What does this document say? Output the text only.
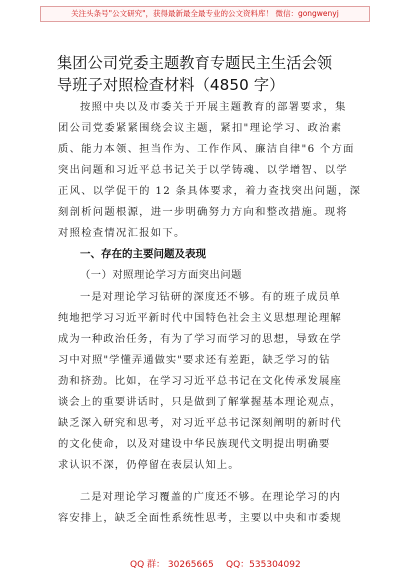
关注头条号"公文研究"，获得最新最全最专业的公文资料库！ 微信：gongwenyj
集团公司党委主题教育专题民主生活会领
导班子对照检查材料（4850 字）
按照中央以及市委关于开展主题教育的部署要求，集
团公司党委紧紧围绕会议主题，紧扣"理论学习、政治素
质、能力本领、担当作为、工作作风、廉洁自律"6 个方面
突出问题和习近平总书记关于以学铸魂、以学增智、以学
正风、以学促干的 12 条具体要求，着力查找突出问题，深
刻剖析问题根源，进一步明确努力方向和整改措施。现将
对照检查情况汇报如下。
一、存在的主要问题及表现
（一）对照理论学习方面突出问题
一是对理论学习钻研的深度还不够。有的班子成员单
纯地把学习习近平新时代中国特色社会主义思想理论理解
成为一种政治任务，有为了学习而学习的思想，导致在学
习中对照"学懂弄通做实"要求还有差距，缺乏学习的钻
劲和挤劲。比如，在学习习近平总书记在文化传承发展座
谈会上的重要讲话时，只是做到了解掌握基本理论观点，
缺乏深入研究和思考，对习近平总书记深刻阐明的新时代
的文化使命，以及对建设中华民族现代文明提出明确要
求认识不深，仍停留在表层认知上。
二是对理论学习覆盖的广度还不够。在理论学习的内
容安排上，缺乏全面性系统性思考，主要以中央和市委规
QQ 群： 30265665 QQ：535304092
